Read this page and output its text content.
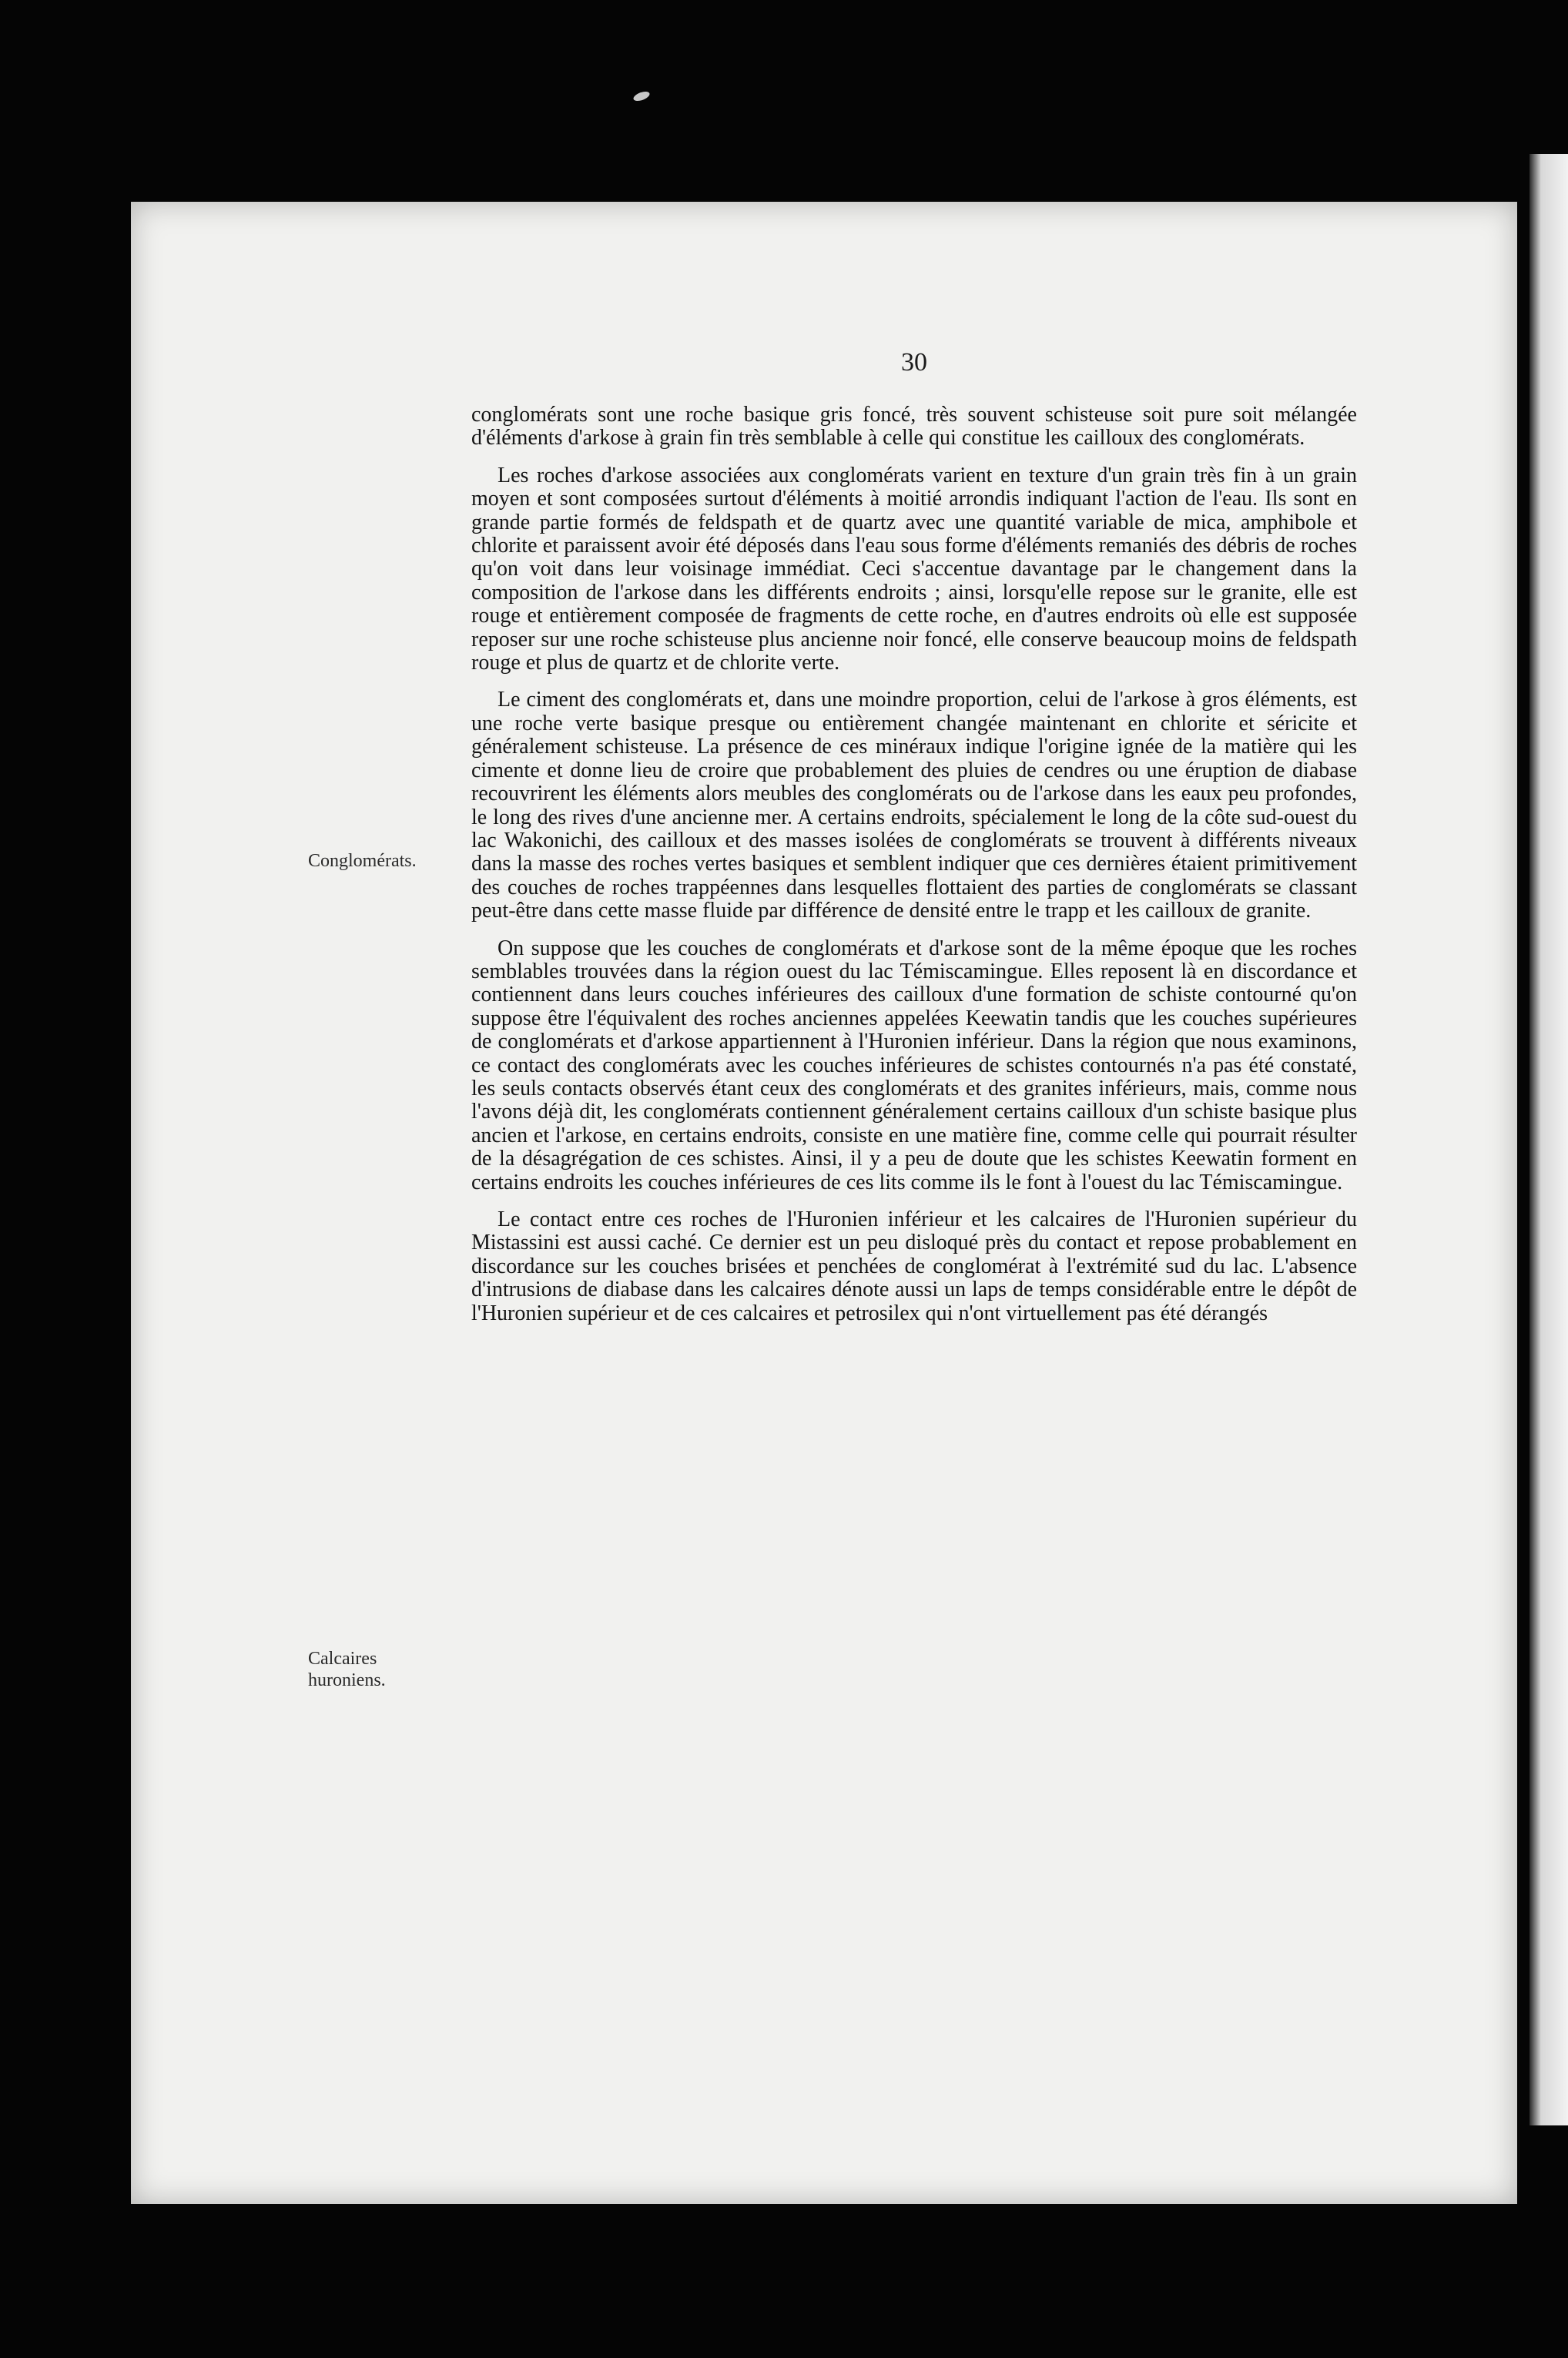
30
Conglomérats.
Calcaires
huroniens.

conglomérats sont une roche basique gris foncé, très souvent schisteuse soit pure soit mélangée d'éléments d'arkose à grain fin très semblable à celle qui constitue les cailloux des conglomérats.

Les roches d'arkose associées aux conglomérats varient en texture d'un grain très fin à un grain moyen et sont composées surtout d'éléments à moitié arrondis indiquant l'action de l'eau. Ils sont en grande partie formés de feldspath et de quartz avec une quantité variable de mica, amphibole et chlorite et paraissent avoir été déposés dans l'eau sous forme d'éléments remaniés des débris de roches qu'on voit dans leur voisinage immédiat. Ceci s'accentue davantage par le changement dans la composition de l'arkose dans les différents endroits ; ainsi, lorsqu'elle repose sur le granite, elle est rouge et entièrement composée de fragments de cette roche, en d'autres endroits où elle est supposée reposer sur une roche schisteuse plus ancienne noir foncé, elle conserve beaucoup moins de feldspath rouge et plus de quartz et de chlorite verte.

Le ciment des conglomérats et, dans une moindre proportion, celui de l'arkose à gros éléments, est une roche verte basique presque ou entièrement changée maintenant en chlorite et séricite et généralement schisteuse. La présence de ces minéraux indique l'origine ignée de la matière qui les cimente et donne lieu de croire que probablement des pluies de cendres ou une éruption de diabase recouvrirent les éléments alors meubles des conglomérats ou de l'arkose dans les eaux peu profondes, le long des rives d'une ancienne mer. A certains endroits, spécialement le long de la côte sud-ouest du lac Wakonichi, des cailloux et des masses isolées de conglomérats se trouvent à différents niveaux dans la masse des roches vertes basiques et semblent indiquer que ces dernières étaient primitivement des couches de roches trappéennes dans lesquelles flottaient des parties de conglomérats se classant peut-être dans cette masse fluide par différence de densité entre le trapp et les cailloux de granite.

On suppose que les couches de conglomérats et d'arkose sont de la même époque que les roches semblables trouvées dans la région ouest du lac Témiscamingue. Elles reposent là en discordance et contiennent dans leurs couches inférieures des cailloux d'une formation de schiste contourné qu'on suppose être l'équivalent des roches anciennes appelées Keewatin tandis que les couches supérieures de conglomérats et d'arkose appartiennent à l'Huronien inférieur. Dans la région que nous examinons, ce contact des conglomérats avec les couches inférieures de schistes contournés n'a pas été constaté, les seuls contacts observés étant ceux des conglomérats et des granites inférieurs, mais, comme nous l'avons déjà dit, les conglomérats contiennent généralement certains cailloux d'un schiste basique plus ancien et l'arkose, en certains endroits, consiste en une matière fine, comme celle qui pourrait résulter de la désagrégation de ces schistes. Ainsi, il y a peu de doute que les schistes Keewatin forment en certains endroits les couches inférieures de ces lits comme ils le font à l'ouest du lac Témiscamingue.

Le contact entre ces roches de l'Huronien inférieur et les calcaires de l'Huronien supérieur du Mistassini est aussi caché. Ce dernier est un peu disloqué près du contact et repose probablement en discordance sur les couches brisées et penchées de conglomérat à l'extrémité sud du lac. L'absence d'intrusions de diabase dans les calcaires dénote aussi un laps de temps considérable entre le dépôt de l'Huronien supérieur et de ces calcaires et petrosilex qui n'ont virtuellement pas été dérangés
